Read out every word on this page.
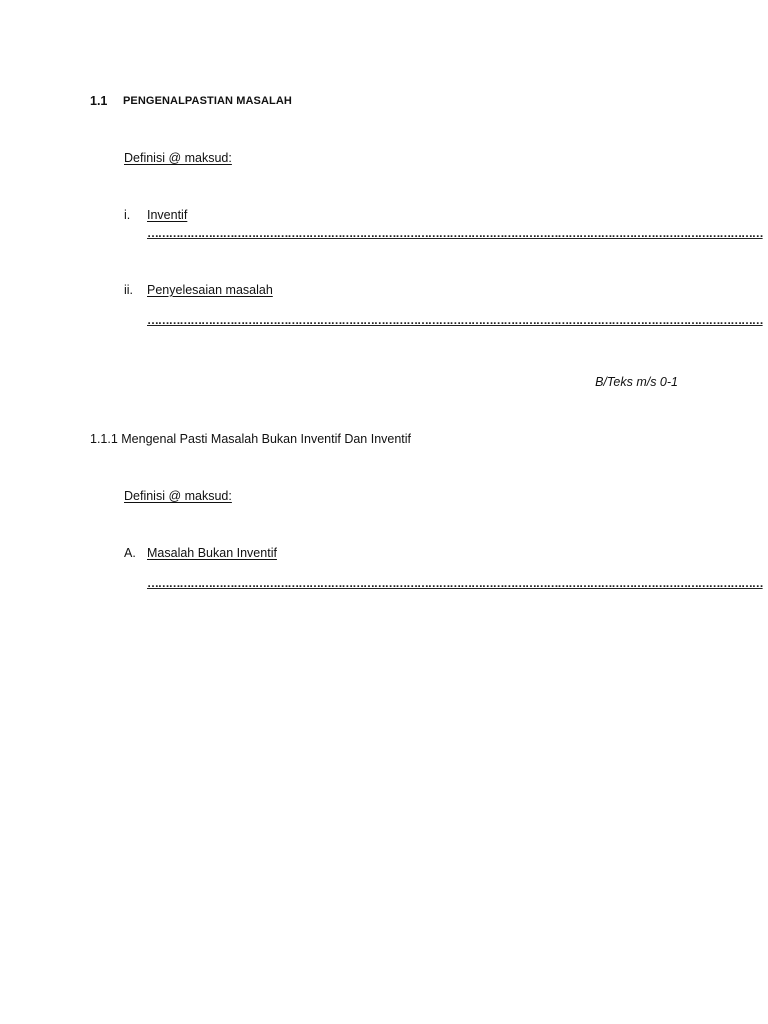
1.1 PENGENALPASTIAN MASALAH
Definisi @ maksud:
i. Inventif
………………………………………………………………………………………………………………………………………………………
ii. Penyelesaian masalah
………………………………………………………………………………………………………………………………………………………
B/Teks m/s 0-1
1.1.1 Mengenal Pasti Masalah Bukan Inventif Dan Inventif
Definisi @ maksud:
A. Masalah Bukan Inventif
………………………………………………………………………………………………………………………………………………………
